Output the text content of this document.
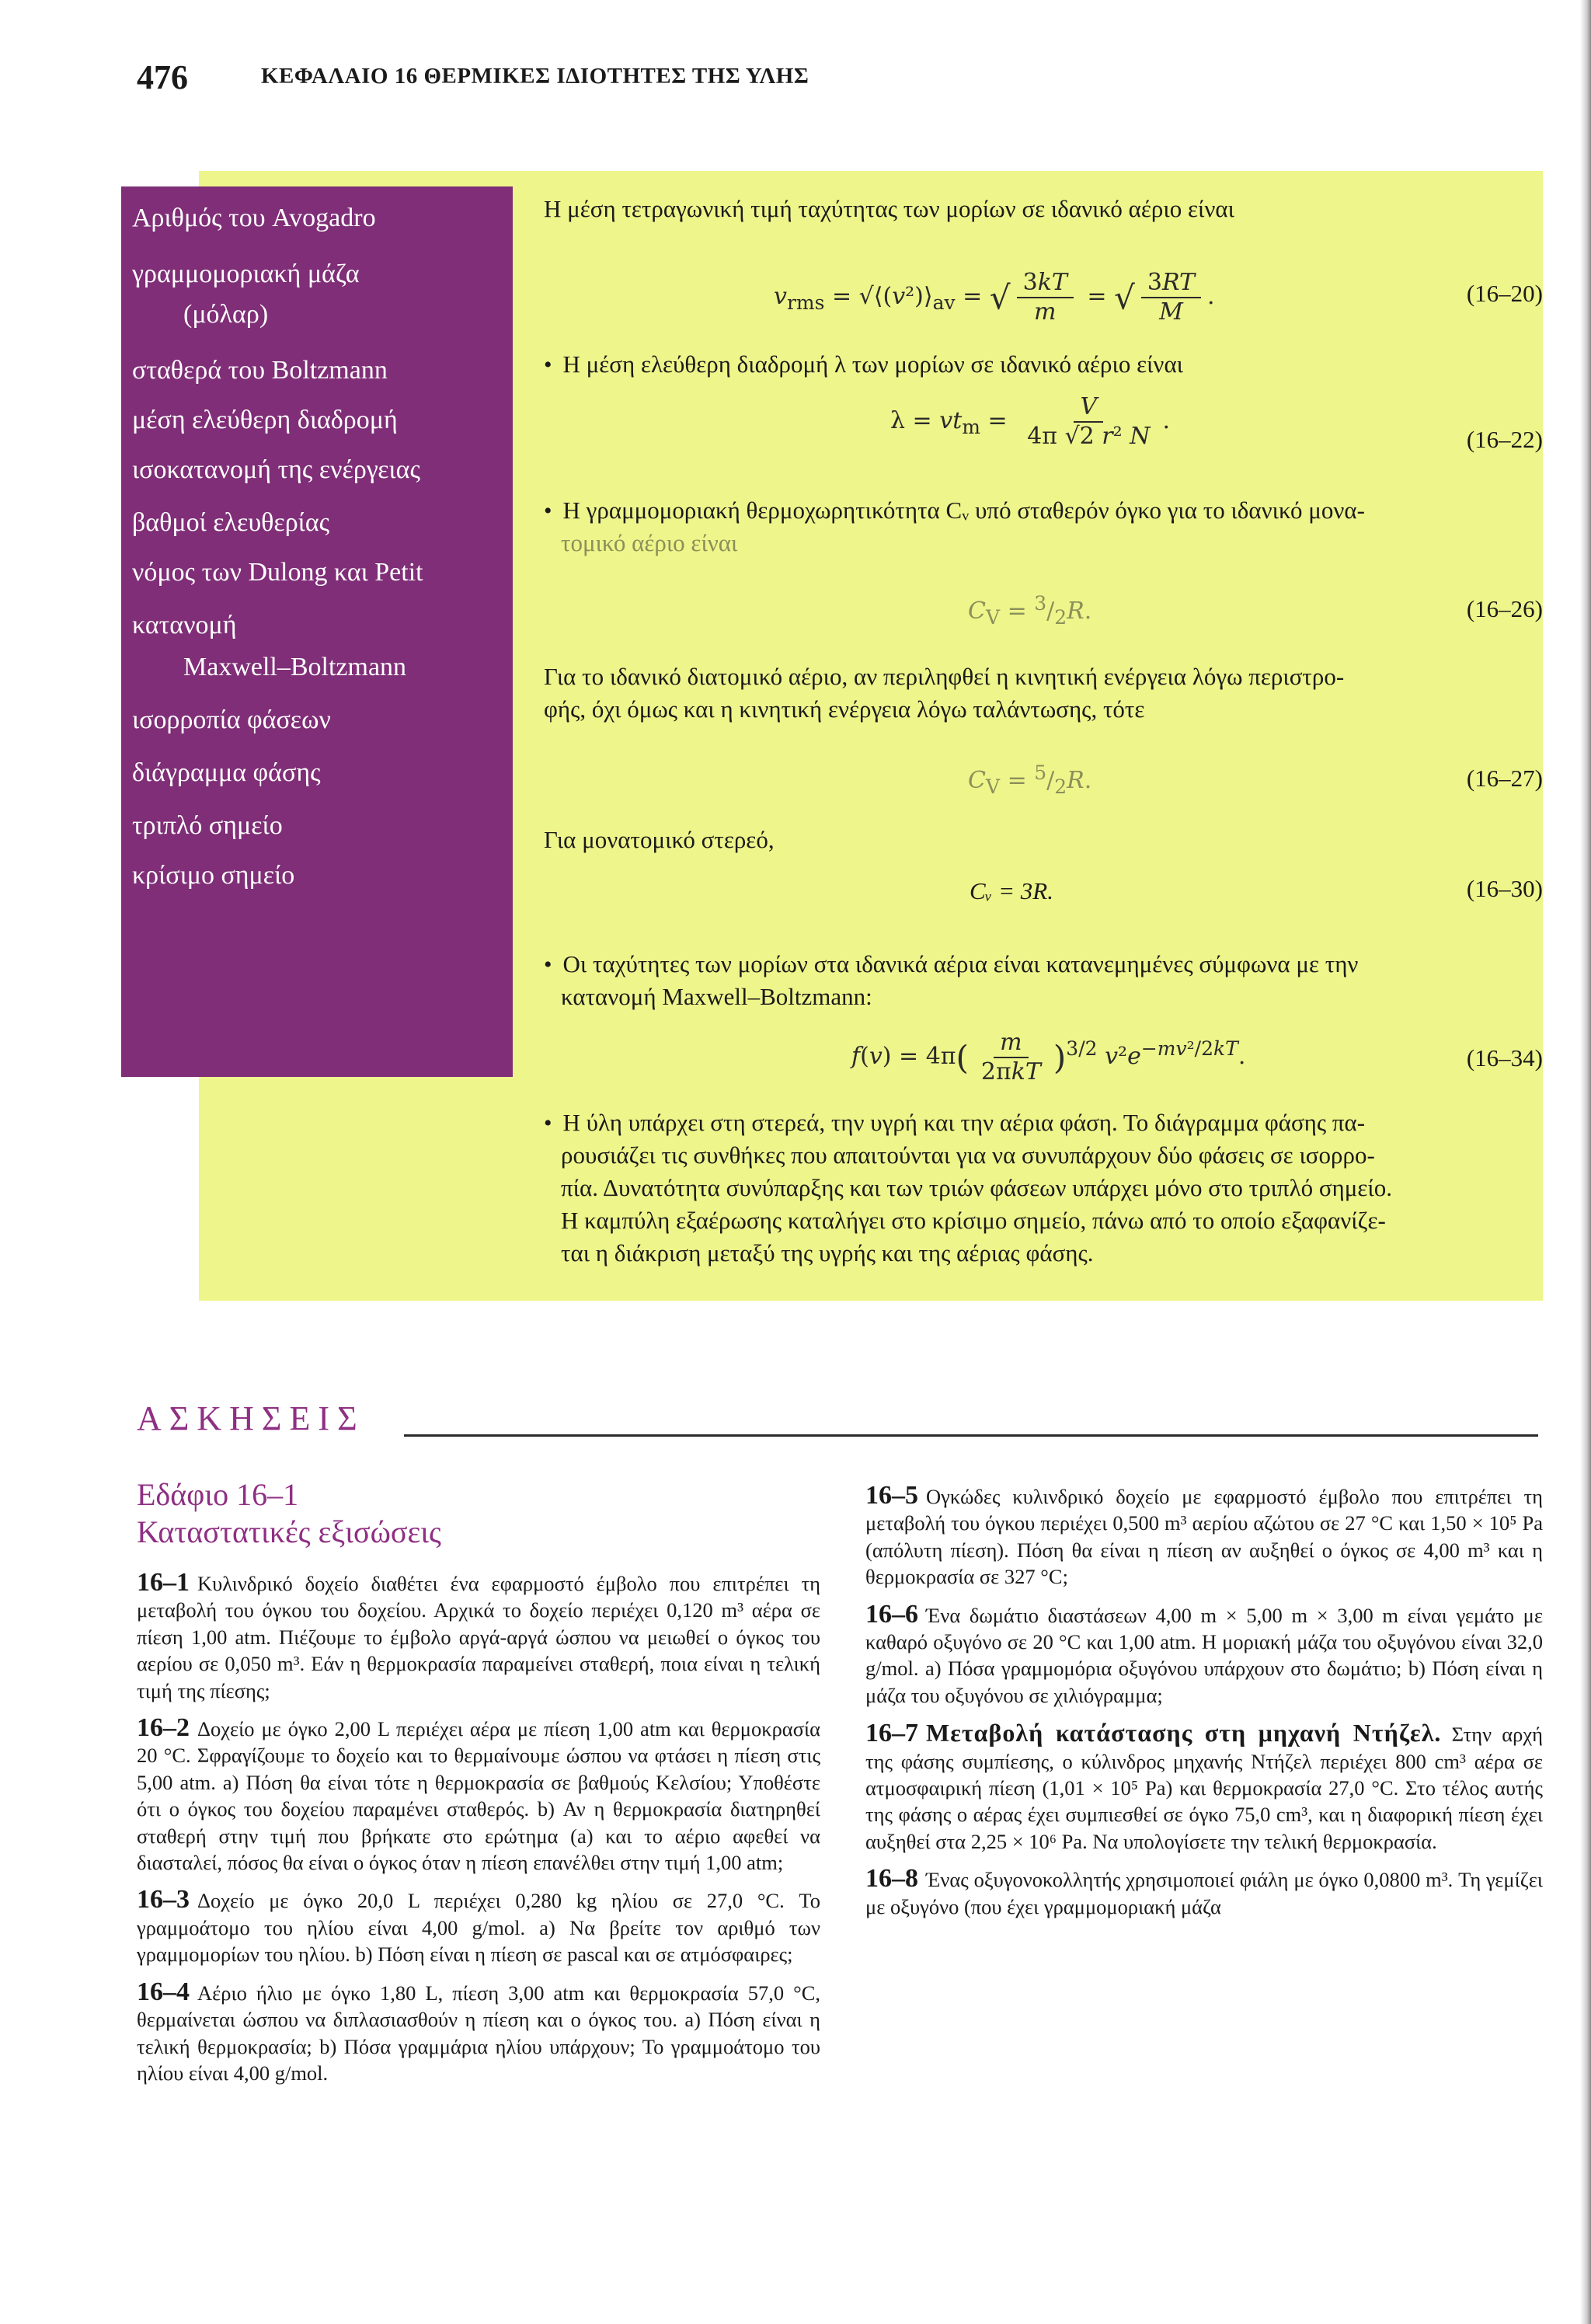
476	ΚΕΦΑΛΑΙΟ 16 ΘΕΡΜΙΚΕΣ ΙΔΙΟΤΗΤΕΣ ΤΗΣ ΥΛΗΣ
Αριθμός του Avogadro
γραμμομοριακή μάζα
(μόλαρ)
σταθερά του Boltzmann
μέση ελεύθερη διαδρομή
ισοκατανομή της ενέργειας
βαθμοί ελευθερίας
νόμος των Dulong και Petit
κατανομή
Maxwell–Boltzmann
ισορροπία φάσεων
διάγραμμα φάσης
τριπλό σημείο
κρίσιμο σημείο
Η μέση τετραγωνική τιμή ταχύτητας των μορίων σε ιδανικό αέριο είναι
$v_{rms}$ = $√⟨(v^2)⟩_{av}$ = √ $\frac{3kT}{m}$ = √ $\frac{3RT}{M}$ .	(16–20)
• Η μέση ελεύθερη διαδρομή λ των μορίων σε ιδανικό αέριο είναι
$\lambda = vt_m = \frac{V}{\text{4π √2 r² N}}$ .
(16–22)
• Η γραμμομοριακή θερμοχωρητικότητα Cᵥ υπό σταθερόν όγκο για το ιδανικό μονα-
τομικό αέριο είναι
$C_V = ^3/_2R$.	(16–26)
Για το ιδανικό διατομικό αέριο, αν περιληφθεί η κινητική ενέργεια λόγω περιστρο-
φής, όχι όμως και η κινητική ενέργεια λόγω ταλάντωσης, τότε
$C_V = ^5/_2R$.	(16–27)
Για μονατομικό στερεό,
Cᵥ = 3R.	(16–30)
• Οι ταχύτητες των μορίων στα ιδανικά αέρια είναι κατανεμημένες σύμφωνα με την
κατανομή Maxwell–Boltzmann:
$f(v) = 4\pi( \frac{m}{\text{2πkT}} )^{3/2}$ $v^2e^{-mv^2/2kT}$.	(16–34)
• Η ύλη υπάρχει στη στερεά, την υγρή και την αέρια φάση. Το διάγραμμα φάσης πα-
ρουσιάζει τις συνθήκες που απαιτούνται για να συνυπάρχουν δύο φάσεις σε ισορρο-
πία. Δυνατότητα συνύπαρξης και των τριών φάσεων υπάρχει μόνο στο τριπλό σημείο.
Η καμπύλη εξαέρωσης καταλήγει στο κρίσιμο σημείο, πάνω από το οποίο εξαφανίζε-
ται η διάκριση μεταξύ της υγρής και της αέριας φάσης.
ΑΣΚΗΣΕΙΣ
Εδάφιο 16–1
Καταστατικές εξισώσεις

16–1 Κυλινδρικό δοχείο διαθέτει ένα εφαρμοστό έμβολο που επιτρέπει τη μεταβολή του όγκου του δοχείου. Αρχικά το δοχείο περιέχει 0,120 m³ αέρα σε πίεση 1,00 atm. Πιέζουμε το έμβολο αργά-αργά ώσπου να μειωθεί ο όγκος του αερίου σε 0,050 m³. Εάν η θερμοκρασία παραμείνει σταθερή, ποια είναι η τελική τιμή της πίεσης;

16–2 Δοχείο με όγκο 2,00 L περιέχει αέρα με πίεση 1,00 atm και θερμοκρασία 20 °C. Σφραγίζουμε το δοχείο και το θερμαίνουμε ώσπου να φτάσει η πίεση στις 5,00 atm. a) Πόση θα είναι τότε η θερμοκρασία σε βαθμούς Κελσίου; Υποθέστε ότι ο όγκος του δοχείου παραμένει σταθερός. b) Αν η θερμοκρασία διατηρηθεί σταθερή στην τιμή που βρήκατε στο ερώτημα (a) και το αέριο αφεθεί να διασταλεί, πόσος θα είναι ο όγκος όταν η πίεση επανέλθει στην τιμή 1,00 atm;

16–3 Δοχείο με όγκο 20,0 L περιέχει 0,280 kg ηλίου σε 27,0 °C. Το γραμμοάτομο του ηλίου είναι 4,00 g/mol. a) Να βρείτε τον αριθμό των γραμμομορίων του ηλίου. b) Πόση είναι η πίεση σε pascal και σε ατμόσφαιρες;

16–4 Αέριο ήλιο με όγκο 1,80 L, πίεση 3,00 atm και θερμοκρασία 57,0 °C, θερμαίνεται ώσπου να διπλασιασθούν η πίεση και ο όγκος του. a) Πόση είναι η τελική θερμοκρασία; b) Πόσα γραμμάρια ηλίου υπάρχουν; Το γραμμοάτομο του ηλίου είναι 4,00 g/mol.

16–5 Ογκώδες κυλινδρικό δοχείο με εφαρμοστό έμβολο που επιτρέπει τη μεταβολή του όγκου περιέχει 0,500 m³ αερίου αζώτου σε 27 °C και 1,50 × 10⁵ Pa (απόλυτη πίεση). Πόση θα είναι η πίεση αν αυξηθεί ο όγκος σε 4,00 m³ και η θερμοκρασία σε 327 °C;

16–6 Ένα δωμάτιο διαστάσεων 4,00 m × 5,00 m × 3,00 m είναι γεμάτο με καθαρό οξυγόνο σε 20 °C και 1,00 atm. Η μοριακή μάζα του οξυγόνου είναι 32,0 g/mol. a) Πόσα γραμμομόρια οξυγόνου υπάρχουν στο δωμάτιο; b) Πόση είναι η μάζα του οξυγόνου σε χιλιόγραμμα;

16–7 Μεταβολή κατάστασης στη μηχανή Ντήζελ. Στην αρχή της φάσης συμπίεσης, ο κύλινδρος μηχανής Ντήζελ περιέχει 800 cm³ αέρα σε ατμοσφαιρική πίεση (1,01 × 10⁵ Pa) και θερμοκρασία 27,0 °C. Στο τέλος αυτής της φάσης ο αέρας έχει συμπιεσθεί σε όγκο 75,0 cm³, και η διαφορική πίεση έχει αυξηθεί στα 2,25 × 10⁶ Pa. Να υπολογίσετε την τελική θερμοκρασία.

16–8 Ένας οξυγονοκολλητής χρησιμοποιεί φιάλη με όγκο 0,0800 m³. Τη γεμίζει με οξυγόνο (που έχει γραμμομοριακή μάζα
